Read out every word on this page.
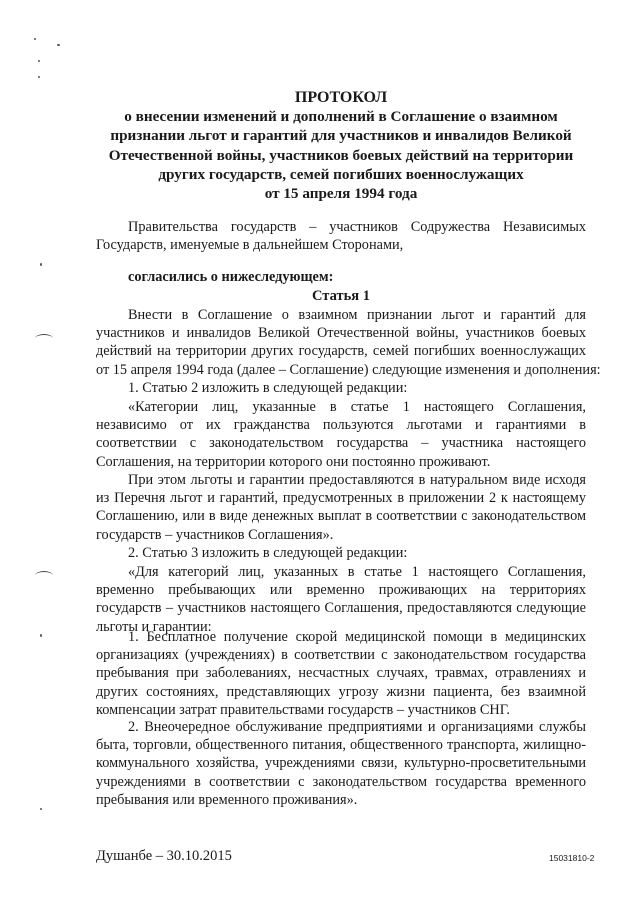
ПРОТОКОЛ
о внесении изменений и дополнений в Соглашение о взаимном
признании льгот и гарантий для участников и инвалидов Великой
Отечественной войны, участников боевых действий на территории
других государств, семей погибших военнослужащих
от 15 апреля 1994 года
Правительства государств – участников Содружества Независимых
Государств, именуемые в дальнейшем Сторонами,
согласились о нижеследующем:
Статья 1
Внести в Соглашение о взаимном признании льгот и гарантий для
участников и инвалидов Великой Отечественной войны, участников боевых
действий на территории других государств, семей погибших военнослужащих
от 15 апреля 1994 года (далее – Соглашение) следующие изменения и дополнения:
1. Статью 2 изложить в следующей редакции:
«Категории лиц, указанные в статье 1 настоящего Соглашения,
независимо от их гражданства пользуются льготами и гарантиями в
соответствии с законодательством государства – участника настоящего
Соглашения, на территории которого они постоянно проживают.
При этом льготы и гарантии предоставляются в натуральном виде исходя
из Перечня льгот и гарантий, предусмотренных в приложении 2 к настоящему
Соглашению, или в виде денежных выплат в соответствии с законодательством
государств – участников Соглашения».
2. Статью 3 изложить в следующей редакции:
«Для категорий лиц, указанных в статье 1 настоящего Соглашения,
временно пребывающих или временно проживающих на территориях
государств – участников настоящего Соглашения, предоставляются следующие
льготы и гарантии:
1. Бесплатное получение скорой медицинской помощи в медицинских
организациях (учреждениях) в соответствии с законодательством государства
пребывания при заболеваниях, несчастных случаях, травмах, отравлениях и
других состояниях, представляющих угрозу жизни пациента, без взаимной
компенсации затрат правительствами государств – участников СНГ.
2. Внеочередное обслуживание предприятиями и организациями службы
быта, торговли, общественного питания, общественного транспорта, жилищно-
коммунального хозяйства, учреждениями связи, культурно-просветительными
учреждениями в соответствии с законодательством государства временного
пребывания или временного проживания».
Душанбе – 30.10.2015	15031810-2
